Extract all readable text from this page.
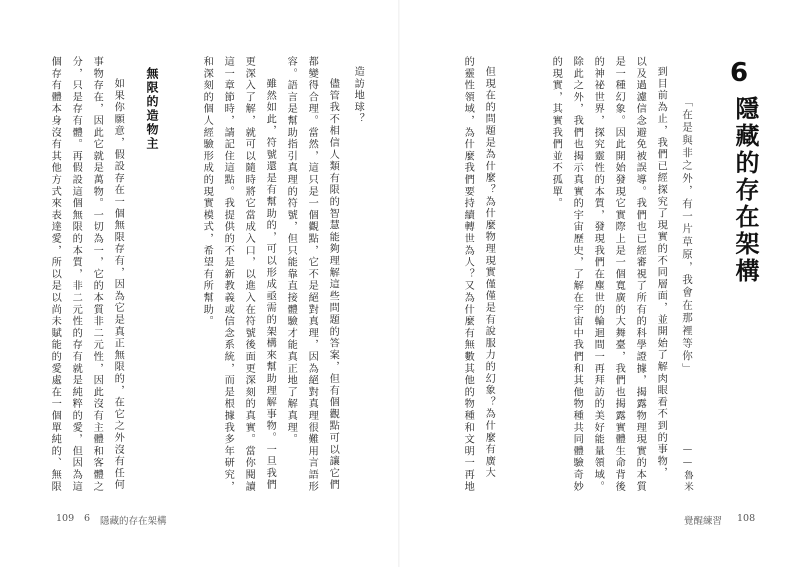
6
隱藏的存在架構
「在是與非之外，有一片草原，我會在那裡等你」
——魯米
到目前為止，我們已經探究了現實的不同層面，並開始了解肉眼看不到的事物，
以及過濾信念避免被誤導。我們也已經審視了所有的科學證據，揭露物理現實的本質
是一種幻象。因此開始發現它實際上是一個寬廣的大舞臺，我們也揭露實體生命背後
的神祕世界，探究靈性的本質，發現我們在塵世的輪迴間一再拜訪的美好能量領域。
除此之外，我們也揭示真實的宇宙歷史，了解在宇宙中我們和其他物種共同體驗奇妙
的現實，其實我們並不孤單。
但現在的問題是為什麼？為什麼物理現實僅僅是有說服力的幻象？為什麼有廣大
的靈性領域，為什麼我們要持續轉世為人？又為什麼有無數其他的物種和文明一再地
覺醒練習 108
造訪地球？
儘管我不相信人類有限的智慧能夠理解這些問題的答案，但有個觀點可以讓它們
都變得合理。當然，這只是一個觀點，它不是絕對真理，因為絕對真理很難用言語形
容。語言是幫助指引真理的符號，但只能靠直接體驗才能真正地了解真理。
雖然如此，符號還是有幫助的，可以形成亟需的架構來幫助理解事物。一旦我們
更深入了解，就可以隨時將它當成入口，以進入在符號後面更深刻的真實。當你閱讀
這一章節時，請記住這點。我提供的不是新教義或信念系統，而是根據我多年研究，
和深刻的個人經驗形成的現實模式，希望有所幫助。
無限的造物主
如果你願意，假設存在一個無限存有，因為它是真正無限的，在它之外沒有任何
事物存在，因此它就是萬物。一切為一，它的本質非二元性，因此沒有主體和客體之
分，只是存有體。再假設這個無限的本質，非二元性的存有就是純粹的愛，但因為這
個存有體本身沒有其他方式來表達愛，所以是以尚未賦能的愛處在一個單純的、無限
109 6 隱藏的存在架構
